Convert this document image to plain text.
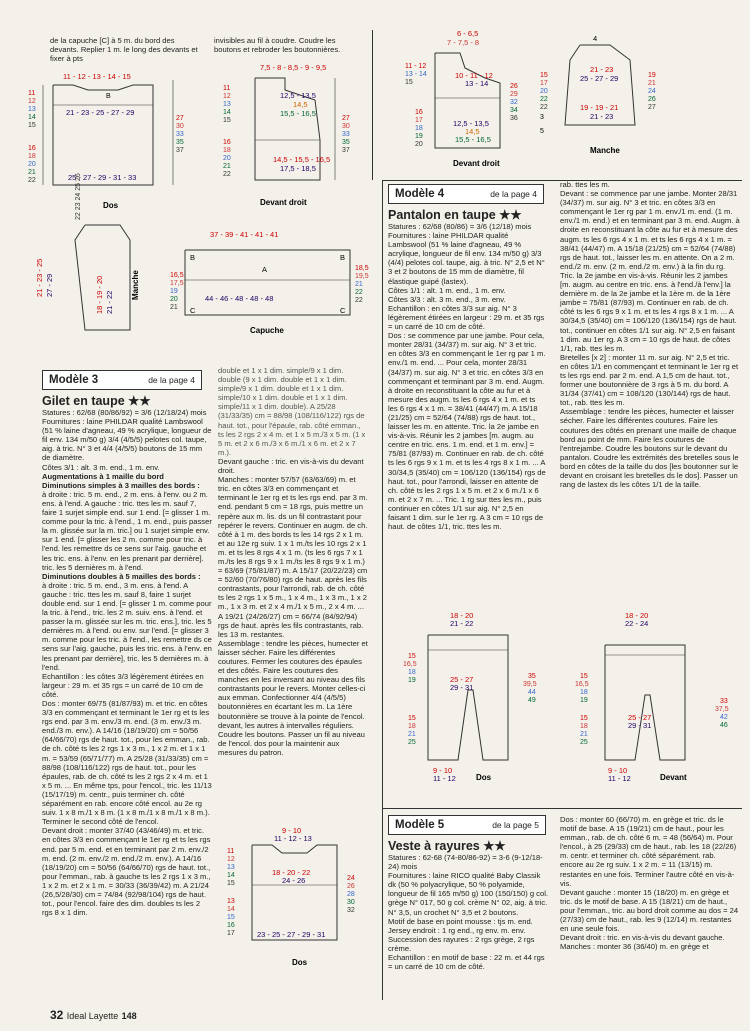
de la capuche [C] à 5 m. du bord des devants. Replier 1 m. le long des devants et fixer à pts
invisibles au fil à coudre. Coudre les boutons et rebroder les boutonnières.
11 - 12 - 13 - 14 - 15
B
21 - 23 - 25 - 27 - 29
25 - 27 - 29 - 31 - 33
11
12
13
14
15
16
18
20
21
22
27
30
33
35
37
Dos
7,5 - 8 - 8,5 - 9 - 9,5
12,5 - 13,5
14,5
15,5 - 16,5
14,5 - 15,5 - 16,5
17,5 - 18,5
11
12
13
14
15
16
18
20
21
22
27
30
33
35
37
Devant droit
6 - 6,5
7 - 7,5 - 8
10 - 11 - 12
13 - 14
12,5 - 13,5
14,5
15,5 - 16,5
11 - 12
13 - 14
15
16
17
18
19
20
26
29
32
34
36
Devant droit
4
21 - 23
25 - 27 - 29
19 - 19 - 21
21 - 23
15
17
20
22
22
3
5
19
21
24
26
27
Manche
22 23 24 25 26
21 - 23 - 25 27 - 29	18 - 19 - 20 21 - 22
Manche
37 - 39 - 41 - 41 - 41
A
B	B
C	C
44 - 46 - 48 - 48 - 48
16,5
17,5
19
20
21
18,5
19,5
21
22
22
Capuche
Modèle 3	de la page 4
Gilet en taupe ★★
Statures : 62/68 (80/86/92) = 3/6 (12/18/24) mois
Fournitures : laine PHILDAR qualité Lambswool (51 % laine d'agneau, 49 % acrylique, longueur de fil env. 134 m/50 g) 3/4 (4/5/5) pelotes col. taupe, aig. à tric. N° 3 et 4/4 (4/5/5) boutons de 15 mm de diamètre.
Côtes 3/1 : alt. 3 m. end., 1 m. env.
Augmentations à 1 maille du bord
Diminutions simples à 3 mailles des bords :
à droite : tric. 5 m. end., 2 m. ens. à l'env. ou 2 m. ens. à l'end. A gauche : tric. ttes les m. sauf 7, faire 1 surjet simple end. sur 1 end. [= glisser 1 m. comme pour la tric. à l'end., 1 m. end., puis passer la m. glissée sur la m. tric.] ou 1 surjet simple env. sur 1 end. [= glisser les 2 m. comme pour tric. à l'end. les remettre ds ce sens sur l'aig. gauche et les tric. ens. à l'env. en les prenant par derrière]. tric. les 5 dernières m. à l'end.
Diminutions doubles à 5 mailles des bords :
à droite : tric. 5 m. end., 3 m. ens. à l'end. A gauche : tric. ttes les m. sauf 8, faire 1 surjet double end. sur 1 end. [= glisser 1 m. comme pour la tric. à l'end., tric. les 2 m. suiv. ens. à l'end. et passer la m. glissée sur les m. tric. ens.], tric. les 5 dernières m. à l'end. ou env. sur l'end. [= glisser 3 m. comme pour les tric. à l'end., les remettre ds ce sens sur l'aig. gauche, puis les tric. ens. à l'env. en les prenant par derrière], tric. les 5 dernières m. à l'end.
Echantillon : les côtes 3/3 légèrement étirées en largeur : 29 m. et 35 rgs = un carré de 10 cm de côté.
Dos : monter 69/75 (81/87/93) m. et tric. en côtes 3/3 en commençant et terminant le 1er rg et ts les rgs end. par 3 m. env./3 m. end. (3 m. env./3 m. end./3 m. env.). A 14/16 (18/19/20) cm = 50/56 (64/66/70) rgs de haut. tot., pour les emman., rab. de ch. côté ts les 2 rgs 1 x 3 m., 1 x 2 m. et 1 x 1 m. = 53/59 (65/71/77) m. A 25/28 (31/33/35) cm = 88/98 (108/116/122) rgs de haut. tot., pour les épaules, rab. de ch. côté ts les 2 rgs 2 x 4 m. et 1 x 5 m. ... En même tps, pour l'encol., tric. les 11/13 (15/17/19) m. centr., puis terminer ch. côté séparément en rab. encore côté encol. au 2e rg suiv. 1 x 8 m./1 x 8 m. (1 x 8 m./1 x 8 m./1 x 8 m.). Terminer le second côté de l'encol.
Devant droit : monter 37/40 (43/46/49) m. et tric. en côtes 3/3 en commençant le 1er rg et ts les rgs end. par 5 m. end. et en terminant par 2 m. env./2 m. end. (2 m. env./2 m. end./2 m. env.). A 14/16 (18/19/20) cm = 50/56 (64/66/70) rgs de haut. tot., pour l'emman., rab. à gauche ts les 2 rgs 1 x 3 m., 1 x 2 m. et 2 x 1 m. = 30/33 (36/39/42) m. A 21/24 (26,5/28/30) cm = 74/84 (92/98/104) rgs de haut. tot., pour l'encol. faire des dim. doubles ts les 2 rgs 8 x 1 dim.
double et 1 x 1 dim. simple/9 x 1 dim. double (9 x 1 dim. double et 1 x 1 dim. simple/9 x 1 dim. double et 1 x 1 dim. simple/10 x 1 dim. double et 1 x 1 dim. simple/11 x 1 dim. double). A 25/28 (31/33/35) cm = 88/98 (108/116/122) rgs de haut. tot., pour l'épaule, rab. côté emman., ts les 2 rgs 2 x 4 m. et 1 x 5 m./3 x 5 m. (1 x 5 m. et 2 x 6 m./3 x 6 m./1 x 6 m. et 2 x 7 m.).
Devant gauche : tric. en vis-à-vis du devant droit.
Manches : monter 57/57 (63/63/69) m. et tric. en côtes 3/3 en commençant et terminant le 1er rg et ts les rgs end. par 3 m. end. pendant 5 cm = 18 rgs, puis mettre un repère aux m. lis. ds un fil contrastant pour repérer le revers. Continuer en augm. de ch. côté à 1 m. des bords ts les 14 rgs 2 x 1 m. et au 12e rg suiv. 1 x 1 m./ts les 10 rgs 2 x 1 m. et ts les 8 rgs 4 x 1 m. (ts les 6 rgs 7 x 1 m./ts les 8 rgs 9 x 1 m./ts les 8 rgs 9 x 1 m.) = 63/69 (75/81/87) m. A 15/17 (20/22/23) cm = 52/60 (70/76/80) rgs de haut. après les fils contrastants, pour l'arrondi, rab. de ch. côté ts les 2 rgs 1 x 5 m., 1 x 4 m., 1 x 3 m., 1 x 2 m., 1 x 3 m. et 2 x 4 m./1 x 5 m., 2 x 4 m. ... A 19/21 (24/26/27) cm = 66/74 (84/92/94) rgs de haut. après les fils contrastants, rab. les 13 m. restantes.
Assemblage : tendre les pièces, humecter et laisser sécher. Faire les différentes coutures. Fermer les coutures des épaules et des côtés. Faire les coutures des manches en les inversant au niveau des fils contrastants pour le revers. Monter celles-ci aux emman. Confectionner 4/4 (4/5/5) boutonnières en écartant les m. La 1ère boutonnière se trouve à la pointe de l'encol. devant, les autres à intervalles réguliers. Coudre les boutons. Passer un fil au niveau de l'encol. dos pour la maintenir aux mesures du patron.
9 - 10
11 - 12 - 13
18 - 20 - 22
24 - 26
23 - 25 - 27 - 29 - 31
11
12
13
14
15
13
14
15
16
17
24
26
28
30
32
Dos
Modèle 4	de la page 4
Pantalon en taupe ★★
Statures : 62/68 (80/86) = 3/6 (12/18) mois
Fournitures : laine PHILDAR qualité Lambswool (51 % laine d'agneau, 49 % acrylique, longueur de fil env. 134 m/50 g) 3/3 (4/4) pelotes col. taupe, aig. à tric. N° 2,5 et N° 3 et 2 boutons de 15 mm de diamètre, fil élastique guipé (lastex).
Côtes 1/1 : alt. 1 m. end., 1 m. env.
Côtes 3/3 : alt. 3 m. end., 3 m. env.
Echantillon : en côtes 3/3 sur aig. N° 3 légèrement étirées en largeur : 29 m. et 35 rgs = un carré de 10 cm de côté.
Dos : se commence par une jambe. Pour cela, monter 28/31 (34/37) m. sur aig. N° 3 et tric. en côtes 3/3 en commençant le 1er rg par 1 m. env./1 m. end. ... Pour cela, monter 28/31 (34/37) m. sur aig. N° 3 et tric. en côtes 3/3 en commençant et terminant par 3 m. end. Augm. à droite en reconstituant la côte au fur et à mesure des augm. ts les 6 rgs 4 x 1 m. et ts les 6 rgs 4 x 1 m. = 38/41 (44/47) m. A 15/18 (21/25) cm = 52/64 (74/88) rgs de haut. tot., laisser les m. en attente. Tric. la 2e jambe en vis-à-vis. Réunir les 2 jambes [m. augm. au centre en tric. ens. 1 m. end. et 1 m. env.] = 75/81 (87/93) m. Continuer en rab. de ch. côté ts les 6 rgs 9 x 1 m. et ts les 4 rgs 8 x 1 m. ... A 30/34,5 (35/40) cm = 106/120 (136/154) rgs de haut. tot., pour l'arrondi, laisser en attente de ch. côté ts les 2 rgs 1 x 5 m. et 2 x 6 m./1 x 6 m. et 2 x 7 m. ... Tric. 1 rg sur ttes les m., puis continuer en côtes 1/1 sur aig. N° 2,5 en faisant 1 dim. sur le 1er rg. A 3 cm = 10 rgs de haut. de côtes 1/1, tric. ttes les m.
rab. ttes les m.
Devant : se commence par une jambe. Monter 28/31 (34/37) m. sur aig. N° 3 et tric. en côtes 3/3 en commençant le 1er rg par 1 m. env./1 m. end. (1 m. env./1 m. end.) et en terminant par 3 m. end. Augm. à droite en reconstituant la côte au fur et à mesure des augm. ts les 6 rgs 4 x 1 m. et ts les 6 rgs 4 x 1 m. = 38/41 (44/47) m. A 15/18 (21/25) cm = 52/64 (74/88) rgs de haut. tot., laisser les m. en attente. On a 2 m. end./2 m. env. (2 m. end./2 m. env.) à la fin du rg. Tric. la 2e jambe en vis-à-vis. Réunir les 2 jambes [m. augm. au centre en tric. ens. à l'end./à l'env.] la dernière m. de la 2e jambe et la 1ère m. de la 1ère jambe = 75/81 (87/93) m. Continuer en rab. de ch. côté ts les 6 rgs 9 x 1 m. et ts les 4 rgs 8 x 1 m. ... A 30/34,5 (35/40) cm = 106/120 (136/154) rgs de haut. tot., continuer en côtes 1/1 sur aig. N° 2,5 en faisant 1 dim. au 1er rg. A 3 cm = 10 rgs de haut. de côtes 1/1, rab. ttes les m.
Bretelles [x 2] : monter 11 m. sur aig. N° 2,5 et tric. en côtes 1/1 en commençant et terminant le 1er rg et ts les rgs end. par 2 m. end. A 1,5 cm de haut. tot., former une boutonnière de 3 rgs à 5 m. du bord. A 31/34 (37/41) cm = 108/120 (130/144) rgs de haut. tot., rab. ttes les m.
Assemblage : tendre les pièces, humecter et laisser sécher. Faire les différentes coutures. Faire les coutures des côtés en prenant une maille de chaque bord au point de mm. Faire les coutures de l'entrejambe. Coudre les boutons sur le devant du pantalon. Coudre les extrémités des bretelles sous le bord en côtes de la taille du dos [les boutonner sur le devant en croisant les bretelles ds le dos]. Passer un rang de lastex ds les côtes 1/1 de la taille.
18 - 20
21 - 22
25 - 27
29 - 31
15
16,5
18
19
15
18
21
25
35
39,5
44
49
9 - 10
11 - 12	Dos
18 - 20
22 - 24
25 - 27
29 - 31
15
16,5
18
19
15
18
21
25
33
37,5
42
46
9 - 10
11 - 12	Devant
Modèle 5	de la page 5
Veste à rayures ★★
Statures : 62-68 (74-80/86-92) = 3-6 (9-12/18-24) mois
Fournitures : laine RICO qualité Baby Classik dk (50 % polyacrylique, 50 % polyamide, longueur de fil 165 m/50 g) 100 (150/150) g col. grège N° 017, 50 g col. crème N° 02, aig. à tric. N° 3,5, un crochet N° 3,5 et 2 boutons.
Motif de base en point mousse : tjs m. end.
Jersey endroit : 1 rg end., rg env. m. env.
Succession des rayures : 2 rgs grège, 2 rgs crème.
Echantillon : en motif de base : 22 m. et 44 rgs = un carré de 10 cm de côté.
Dos : monter 60 (66/70) m. en grège et tric. ds le motif de base. A 15 (19/21) cm de haut., pour les emman., rab. de ch. côté 6 m. = 48 (56/64) m. Pour l'encol., à 25 (29/33) cm de haut., rab. les 18 (22/26) m. centr. et terminer ch. côté séparément. rab. encore au 2e rg suiv. 1 x 2 m. = 11 (13/15) m. restantes en une fois. Terminer l'autre côté en vis-à-vis.
Devant gauche : monter 15 (18/20) m. en grège et tric. ds le motif de base. A 15 (18/21) cm de haut., pour l'emman., tric. au bord droit comme au dos = 24 (27/33) cm de haut., rab. les 9 (12/14) m. restantes en une seule fois.
Devant droit : tric. en vis-à-vis du devant gauche.
Manches : monter 36 (36/40) m. en grège et
32 Ideal Layette 148
